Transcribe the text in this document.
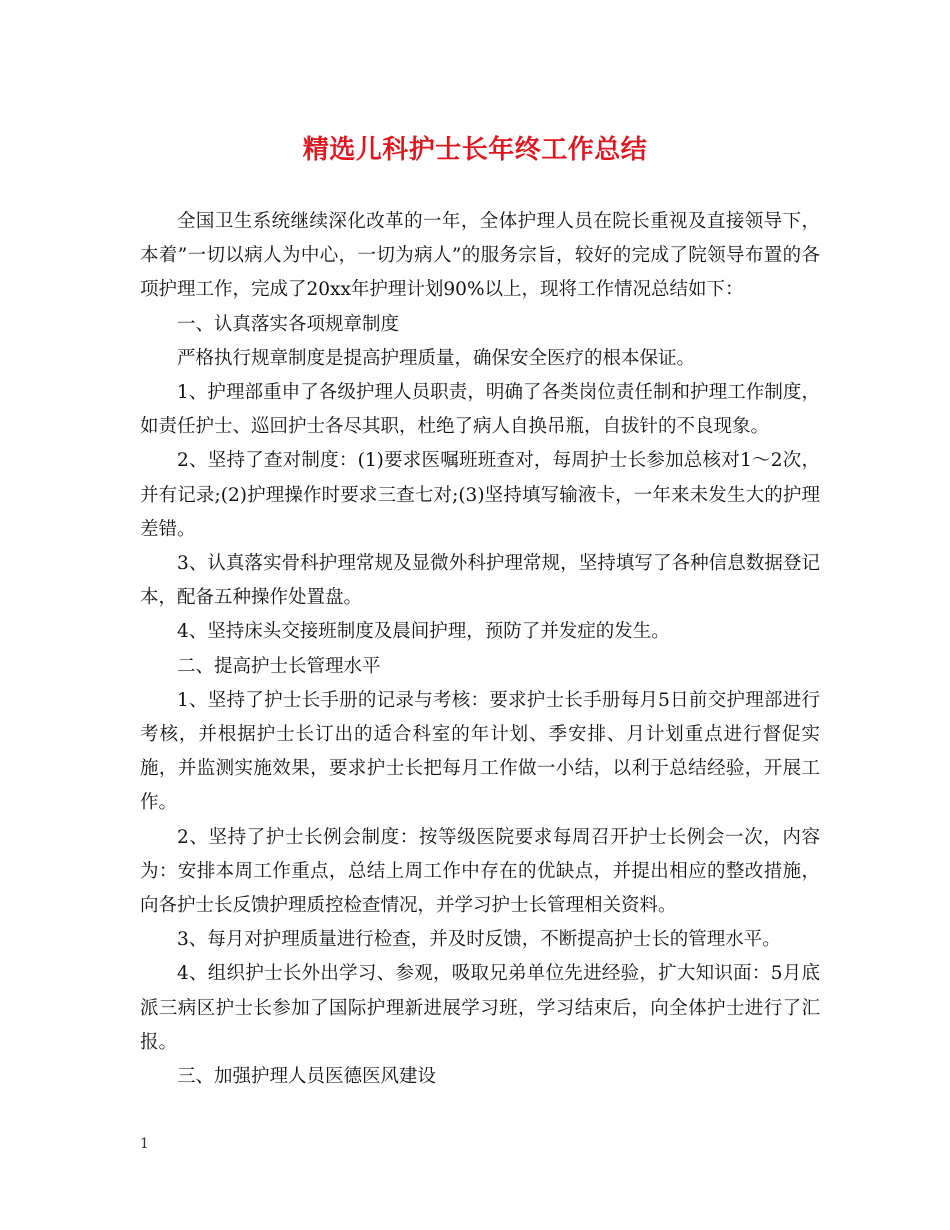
精选儿科护士长年终工作总结

全国卫生系统继续深化改革的一年，全体护理人员在院长重视及直接领导下，本着”一切以病人为中心，一切为病人”的服务宗旨，较好的完成了院领导布置的各项护理工作，完成了20xx年护理计划90%以上，现将工作情况总结如下：

一、认真落实各项规章制度

严格执行规章制度是提高护理质量，确保安全医疗的根本保证。

1、护理部重申了各级护理人员职责，明确了各类岗位责任制和护理工作制度，如责任护士、巡回护士各尽其职，杜绝了病人自换吊瓶，自拔针的不良现象。

2、坚持了查对制度：(1)要求医嘱班班查对，每周护士长参加总核对1～2次，并有记录;(2)护理操作时要求三查七对;(3)坚持填写输液卡，一年来未发生大的护理差错。

3、认真落实骨科护理常规及显微外科护理常规，坚持填写了各种信息数据登记本，配备五种操作处置盘。

4、坚持床头交接班制度及晨间护理，预防了并发症的发生。

二、提高护士长管理水平

1、坚持了护士长手册的记录与考核：要求护士长手册每月5日前交护理部进行考核，并根据护士长订出的适合科室的年计划、季安排、月计划重点进行督促实施，并监测实施效果，要求护士长把每月工作做一小结，以利于总结经验，开展工作。

2、坚持了护士长例会制度：按等级医院要求每周召开护士长例会一次，内容为：安排本周工作重点，总结上周工作中存在的优缺点，并提出相应的整改措施，向各护士长反馈护理质控检查情况，并学习护士长管理相关资料。

3、每月对护理质量进行检查，并及时反馈，不断提高护士长的管理水平。

4、组织护士长外出学习、参观，吸取兄弟单位先进经验，扩大知识面：5月底派三病区护士长参加了国际护理新进展学习班，学习结束后，向全体护士进行了汇报。

三、加强护理人员医德医风建设

1
